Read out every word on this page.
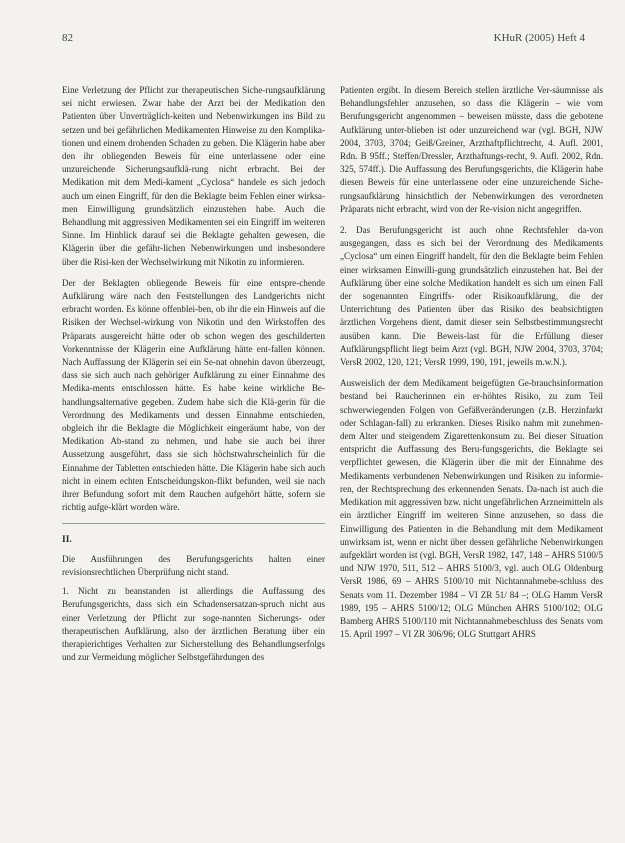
82	KHuR (2005) Heft 4

Eine Verletzung der Pflicht zur therapeutischen Siche-rungsaufklärung sei nicht erwiesen. Zwar habe der Arzt bei der Medikation den Patienten über Unverträglich-keiten und Nebenwirkungen ins Bild zu setzen und bei gefährlichen Medikamenten Hinweise zu den Komplika-tionen und einem drohenden Schaden zu geben. Die Klägerin habe aber den ihr obliegenden Beweis für eine unterlassene oder eine unzureichende Sicherungsaufklä-rung nicht erbracht. Bei der Medikation mit dem Medi-kament „Cyclosa“ handele es sich jedoch auch um einen Eingriff, für den die Beklagte beim Fehlen einer wirksa-men Einwilligung grundsätzlich einzustehen habe. Auch die Behandlung mit aggressiven Medikamenten sei ein Eingriff im weiteren Sinne. Im Hinblick darauf sei die Beklagte gehalten gewesen, die Klägerin über die gefähr-lichen Nebenwirkungen und insbesondere über die Risi-ken der Wechselwirkung mit Nikotin zu informieren.

Der der Beklagten obliegende Beweis für eine entspre-chende Aufklärung wäre nach den Feststellungen des Landgerichts nicht erbracht worden. Es könne offenblei-ben, ob ihr die ein Hinweis auf die Risiken der Wechsel-wirkung von Nikotin und den Wirkstoffen des Präparats ausgereicht hätte oder ob schon wegen des geschilderten Vorkenntnisse der Klägerin eine Aufklärung hätte ent-fallen können. Nach Auffassung der Klägerin sei ein Se-nat ohnehin davon überzeugt, dass sie sich auch nach gehöriger Aufklärung zu einer Einnahme des Medika-ments entschlossen hätte. Es habe keine wirkliche Be-handlungsalternative gegeben. Zudem habe sich die Klä-gerin für die Verordnung des Medikaments und dessen Einnahme entschieden, obgleich ihr die Beklagte die Möglichkeit eingeräumt habe, von der Medikation Ab-stand zu nehmen, und habe sie auch bei ihrer Aussetzung ausgeführt, dass sie sich höchstwahrscheinlich für die Einnahme der Tabletten entschieden hätte. Die Klägerin habe sich auch nicht in einem echten Entscheidungskon-flikt befunden, weil sie nach ihrer Befundung sofort mit dem Rauchen aufgehört hätte, sofern sie richtig aufge-klärt worden wäre.

II.

Die Ausführungen des Berufungsgerichts halten einer revisionsrechtlichen Überprüfung nicht stand.

1. Nicht zu beanstanden ist allerdings die Auffassung des Berufungsgerichts, dass sich ein Schadensersatzan-spruch nicht aus einer Verletzung der Pflicht zur soge-nannten Sicherungs- oder therapeutischen Aufklärung, also der ärztlichen Beratung über ein therapierichtiges Verhalten zur Sicherstellung des Behandlungserfolgs und zur Vermeidung möglicher Selbstgefährdungen des

Patienten ergibt. In diesem Bereich stellen ärztliche Ver-säumnisse als Behandlungsfehler anzusehen, so dass die Klägerin – wie vom Berufungsgericht angenommen – beweisen müsste, dass die gebotene Aufklärung unter-blieben ist oder unzureichend war (vgl. BGH, NJW 2004, 3703, 3704; Geiß/Greiner, Arzthaftpflichtrecht, 4. Aufl. 2001, Rdn. B 95ff.; Steffen/Dressler, Arzthaftungs-recht, 9. Aufl. 2002, Rdn. 325, 574ff.). Die Auffassung des Berufungsgerichts, die Klägerin habe diesen Beweis für eine unterlassene oder eine unzureichende Siche-rungsaufklärung hinsichtlich der Nebenwirkungen des verordneten Präparats nicht erbracht, wird von der Re-vision nicht angegriffen.

2. Das Berufungsgericht ist auch ohne Rechtsfehler da-von ausgegangen, dass es sich bei der Verordnung des Medikaments „Cyclosa“ um einen Eingriff handelt, für den die Beklagte beim Fehlen einer wirksamen Einwilli-gung grundsätzlich einzustehen hat. Bei der Aufklärung über eine solche Medikation handelt es sich um einen Fall der sogenannten Eingriffs- oder Risikoaufklärung, die der Unterrichtung des Patienten über das Risiko des beabsichtigten ärztlichen Vorgehens dient, damit dieser sein Selbstbestimmungsrecht ausüben kann. Die Beweis-last für die Erfüllung dieser Aufklärungspflicht liegt beim Arzt (vgl. BGH, NJW 2004, 3703, 3704; VersR 2002, 120, 121; VersR 1999, 190, 191, jeweils m.w.N.).

Ausweislich der dem Medikament beigefügten Ge-brauchsinformation bestand bei Raucherinnen ein er-höhtes Risiko, zu zum Teil schwerwiegenden Folgen von Gefäßveränderungen (z.B. Herzinfarkt oder Schlagan-fall) zu erkranken. Dieses Risiko nahm mit zunehmen-dem Alter und steigendem Zigarettenkonsum zu. Bei dieser Situation entspricht die Auffassung des Beru-fungsgerichts, die Beklagte sei verpflichtet gewesen, die Klägerin über die mit der Einnahme des Medikaments verbundenen Nebenwirkungen und Risiken zu informie-ren, der Rechtsprechung des erkennenden Senats. Da-nach ist auch die Medikation mit aggressiven bzw. nicht ungefährlichen Arzneimitteln als ein ärztlicher Eingriff im weiteren Sinne anzusehen, so dass die Einwilligung des Patienten in die Behandlung mit dem Medikament unwirksam ist, wenn er nicht über dessen gefährliche Nebenwirkungen aufgeklärt worden ist (vgl. BGH, VersR 1982, 147, 148 – AHRS 5100/5 und NJW 1970, 511, 512 – AHRS 5100/3, vgl. auch OLG Oldenburg VersR 1986, 69 – AHRS 5100/10 mit Nichtannahmebe-schluss des Senats vom 11. Dezember 1984 – VI ZR 51/ 84 –; OLG Hamm VersR 1989, 195 – AHRS 5100/12; OLG München AHRS 5100/102; OLG Bamberg AHRS 5100/110 mit Nichtannahmebeschluss des Senats vom 15. April 1997 – VI ZR 306/96; OLG Stuttgart AHRS
